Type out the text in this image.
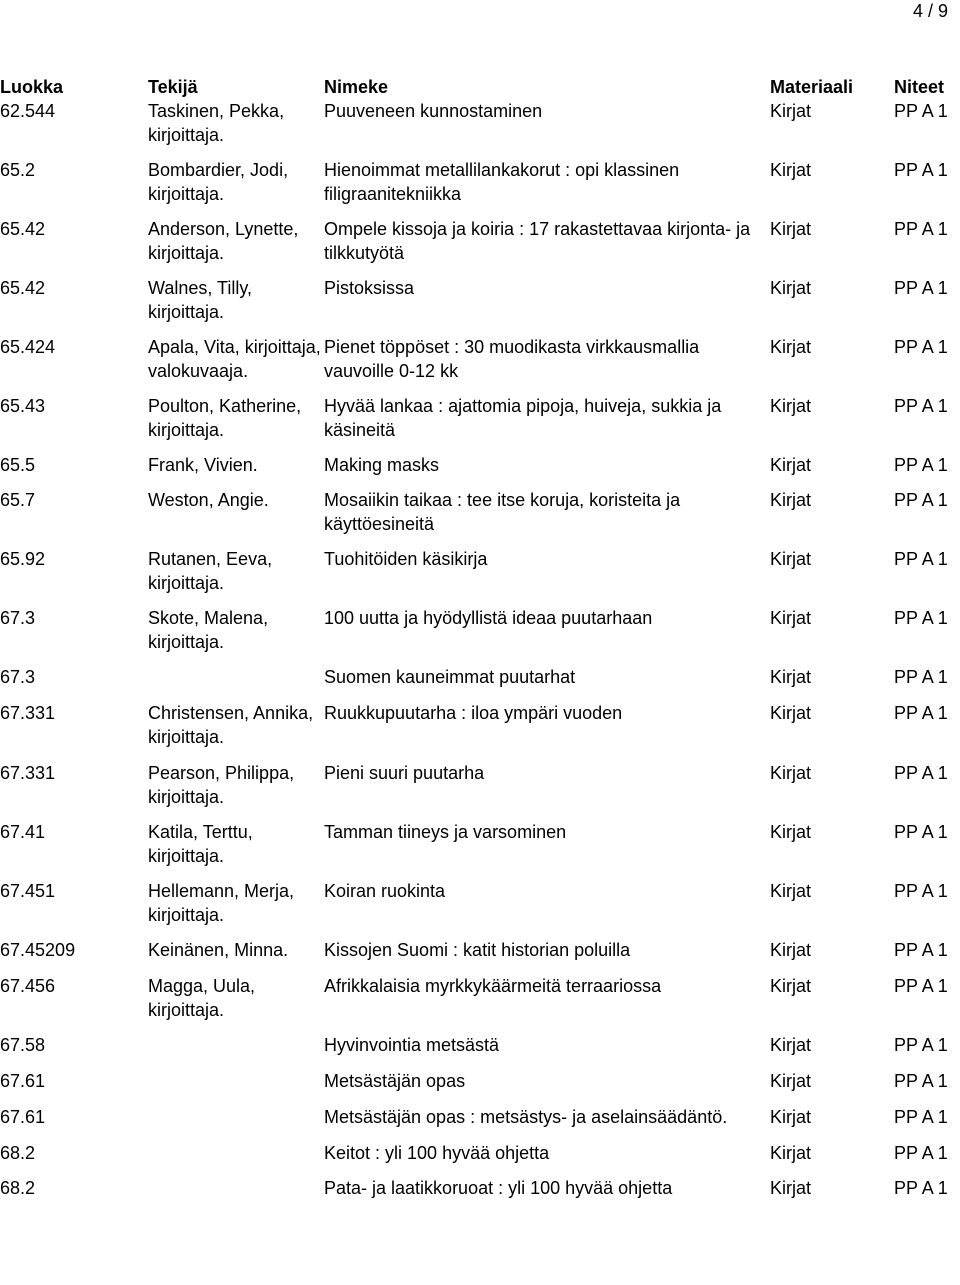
4 / 9
Luokka	Tekijä	Nimeke	Materiaali	Niteet
62.544	Taskinen, Pekka, kirjoittaja.	Puuveneen kunnostaminen	Kirjat	PP A 1
65.2	Bombardier, Jodi, kirjoittaja.	Hienoimmat metallilankakorut : opi klassinen filigraanitekniikka	Kirjat	PP A 1
65.42	Anderson, Lynette, kirjoittaja.	Ompele kissoja ja koiria : 17 rakastettavaa kirjonta- ja tilkkutyötä	Kirjat	PP A 1
65.42	Walnes, Tilly, kirjoittaja.	Pistoksissa	Kirjat	PP A 1
65.424	Apala, Vita, kirjoittaja, valokuvaaja.	Pienet töppöset : 30 muodikasta virkkausmallia vauvoille 0-12 kk	Kirjat	PP A 1
65.43	Poulton, Katherine, kirjoittaja.	Hyvää lankaa : ajattomia pipoja, huiveja, sukkia ja käsineitä	Kirjat	PP A 1
65.5	Frank, Vivien.	Making masks	Kirjat	PP A 1
65.7	Weston, Angie.	Mosaiikin taikaa : tee itse koruja, koristeita ja käyttöesineitä	Kirjat	PP A 1
65.92	Rutanen, Eeva, kirjoittaja.	Tuohitöiden käsikirja	Kirjat	PP A 1
67.3	Skote, Malena, kirjoittaja.	100 uutta ja hyödyllistä ideaa puutarhaan	Kirjat	PP A 1
67.3		Suomen kauneimmat puutarhat	Kirjat	PP A 1
67.331	Christensen, Annika, kirjoittaja.	Ruukkupuutarha : iloa ympäri vuoden	Kirjat	PP A 1
67.331	Pearson, Philippa, kirjoittaja.	Pieni suuri puutarha	Kirjat	PP A 1
67.41	Katila, Terttu, kirjoittaja.	Tamman tiineys ja varsominen	Kirjat	PP A 1
67.451	Hellemann, Merja, kirjoittaja.	Koiran ruokinta	Kirjat	PP A 1
67.45209	Keinänen, Minna.	Kissojen Suomi : katit historian poluilla	Kirjat	PP A 1
67.456	Magga, Uula, kirjoittaja.	Afrikkalaisia myrkkykäärmeitä terraariossa	Kirjat	PP A 1
67.58		Hyvinvointia metsästä	Kirjat	PP A 1
67.61		Metsästäjän opas	Kirjat	PP A 1
67.61		Metsästäjän opas : metsästys- ja aselainsäädäntö.	Kirjat	PP A 1
68.2		Keitot : yli 100 hyvää ohjetta	Kirjat	PP A 1
68.2		Pata- ja laatikkoruoat : yli 100 hyvää ohjetta	Kirjat	PP A 1
